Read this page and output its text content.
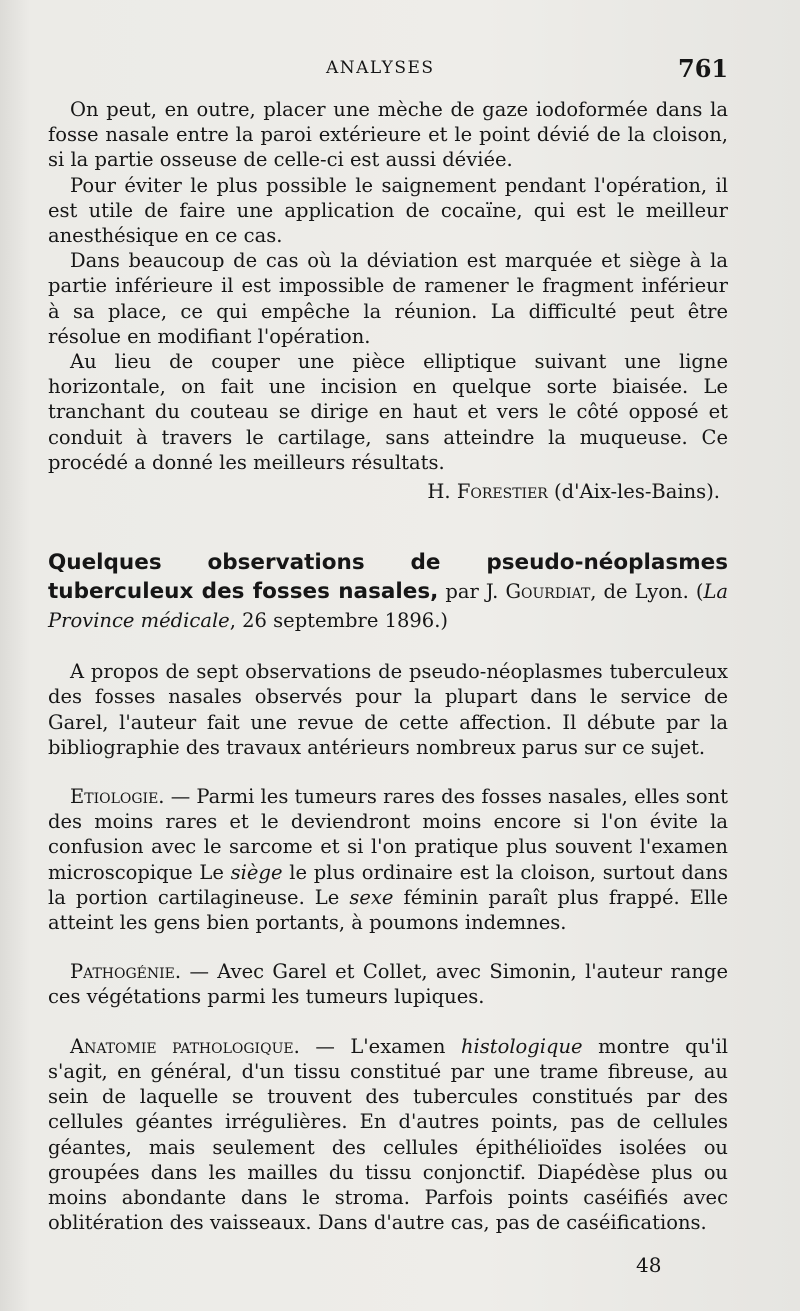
ANALYSES	761

On peut, en outre, placer une mèche de gaze iodoformée dans la fosse nasale entre la paroi extérieure et le point dévié de la cloison, si la partie osseuse de celle-ci est aussi déviée.

Pour éviter le plus possible le saignement pendant l'opération, il est utile de faire une application de cocaïne, qui est le meilleur anesthésique en ce cas.

Dans beaucoup de cas où la déviation est marquée et siège à la partie inférieure il est impossible de ramener le fragment inférieur à sa place, ce qui empêche la réunion. La difficulté peut être résolue en modifiant l'opération.

Au lieu de couper une pièce elliptique suivant une ligne horizontale, on fait une incision en quelque sorte biaisée. Le tranchant du couteau se dirige en haut et vers le côté opposé et conduit à travers le cartilage, sans atteindre la muqueuse. Ce procédé a donné les meilleurs résultats.

H. Forestier (d'Aix-les-Bains).

Quelques observations de pseudo-néoplasmes tuberculeux des fosses nasales, par J. Gourdiat, de Lyon. (La Province médicale, 26 septembre 1896.)

A propos de sept observations de pseudo-néoplasmes tuberculeux des fosses nasales observés pour la plupart dans le service de Garel, l'auteur fait une revue de cette affection. Il débute par la bibliographie des travaux antérieurs nombreux parus sur ce sujet.

Etiologie. — Parmi les tumeurs rares des fosses nasales, elles sont des moins rares et le deviendront moins encore si l'on évite la confusion avec le sarcome et si l'on pratique plus souvent l'examen microscopique Le siège le plus ordinaire est la cloison, surtout dans la portion cartilagineuse. Le sexe féminin paraît plus frappé. Elle atteint les gens bien portants, à poumons indemnes.

Pathogénie. — Avec Garel et Collet, avec Simonin, l'auteur range ces végétations parmi les tumeurs lupiques.

Anatomie pathologique. — L'examen histologique montre qu'il s'agit, en général, d'un tissu constitué par une trame fibreuse, au sein de laquelle se trouvent des tubercules constitués par des cellules géantes irrégulières. En d'autres points, pas de cellules géantes, mais seulement des cellules épithélioïdes isolées ou groupées dans les mailles du tissu conjonctif. Diapédèse plus ou moins abondante dans le stroma. Parfois points caséifiés avec oblitération des vaisseaux. Dans d'autre cas, pas de caséifications.

48
